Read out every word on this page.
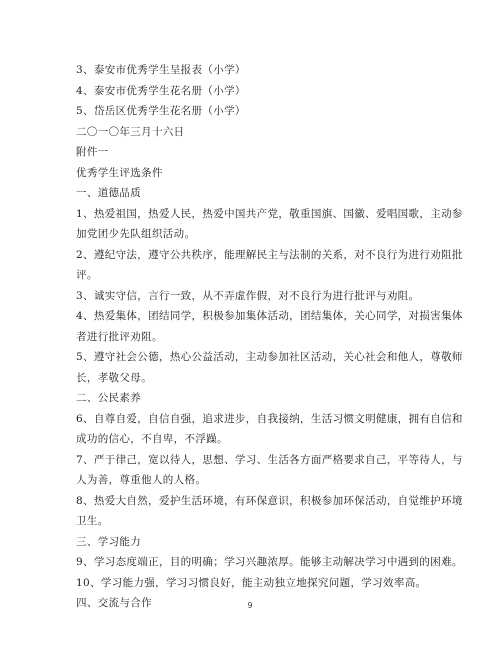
3、泰安市优秀学生呈报表（小学）
4、泰安市优秀学生花名册（小学）
5、岱岳区优秀学生花名册（小学）
二〇一〇年三月十六日
附件一
优秀学生评选条件
一、道德品质
1、热爱祖国，热爱人民，热爱中国共产党，敬重国旗、国徽、爱唱国歌，主动参
加党团少先队组织活动。
2、遵纪守法，遵守公共秩序，能理解民主与法制的关系，对不良行为进行劝阻批
评。
3、诚实守信，言行一致，从不弄虚作假，对不良行为进行批评与劝阻。
4、热爱集体，团结同学，积极参加集体活动，团结集体，关心同学，对损害集体
者进行批评劝阻。
5、遵守社会公德，热心公益活动，主动参加社区活动，关心社会和他人，尊敬师
长，孝敬父母。
二、公民素养
6、自尊自爱，自信自强，追求进步，自我接纳，生活习惯文明健康，拥有自信和
成功的信心，不自卑，不浮躁。
7、严于律己，宽以待人，思想、学习、生活各方面严格要求自己，平等待人，与
人为善，尊重他人的人格。
8、热爱大自然，爱护生活环境，有环保意识，积极参加环保活动，自觉维护环境
卫生。
三、学习能力
9、学习态度端正，目的明确；学习兴趣浓厚。能够主动解决学习中遇到的困难。
10、学习能力强，学习习惯良好，能主动独立地探究问题，学习效率高。
四、交流与合作	9
